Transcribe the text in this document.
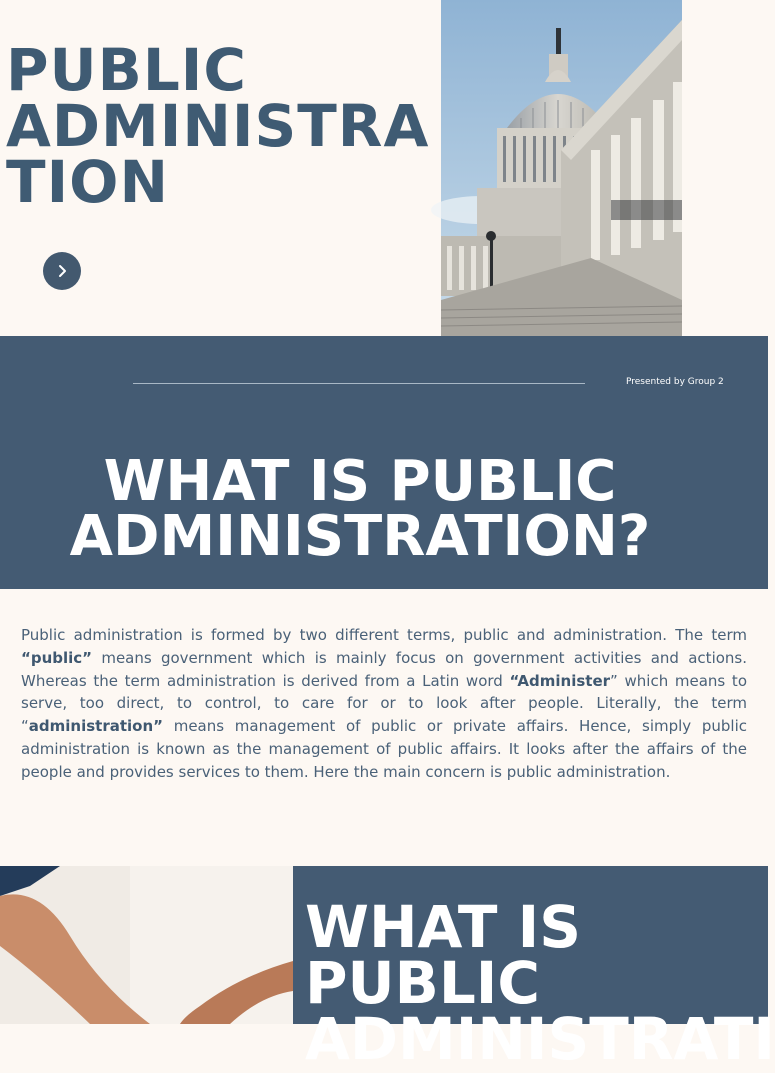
PUBLIC
ADMINISTRA
TION
Presented by Group 2
WHAT IS PUBLIC
ADMINISTRATION?

Public administration is formed by two different terms, public and administration. The term “public” means government which is mainly focus on government activities and actions. Whereas the term administration is derived from a Latin word “Administer” which means to serve, too direct, to control, to care for or to look after people. Literally, the term “administration” means management of public or private affairs. Hence, simply public administration is known as the management of public affairs. It looks after the affairs of the people and provides services to them. Here the main concern is public administration.

WHAT IS
PUBLIC
ADMINISTRATI
